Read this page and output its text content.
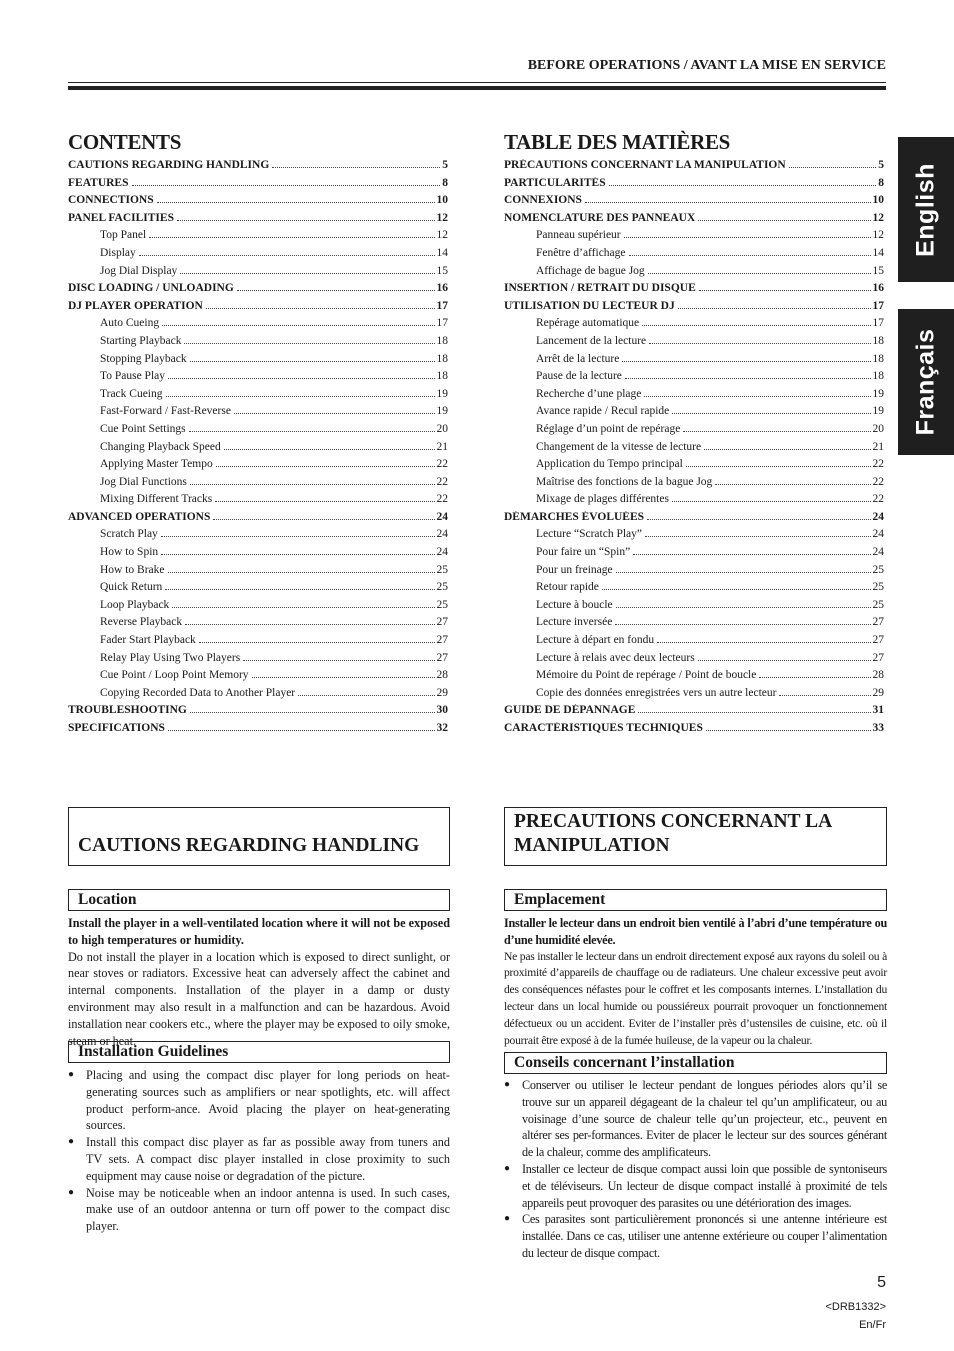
BEFORE OPERATIONS / AVANT LA MISE EN SERVICE
English
Français
CONTENTS
CAUTIONS REGARDING HANDLING	5
FEATURES	8
CONNECTIONS	10
PANEL FACILITIES	12
Top Panel	12
Display	14
Jog Dial Display	15
DISC LOADING / UNLOADING	16
DJ PLAYER OPERATION	17
Auto Cueing	17
Starting Playback	18
Stopping Playback	18
To Pause Play	18
Track Cueing	19
Fast-Forward / Fast-Reverse	19
Cue Point Settings	20
Changing Playback Speed	21
Applying Master Tempo	22
Jog Dial Functions	22
Mixing Different Tracks	22
ADVANCED OPERATIONS	24
Scratch Play	24
How to Spin	24
How to Brake	25
Quick Return	25
Loop Playback	25
Reverse Playback	27
Fader Start Playback	27
Relay Play Using Two Players	27
Cue Point / Loop Point Memory	28
Copying Recorded Data to Another Player	29
TROUBLESHOOTING	30
SPECIFICATIONS	32
TABLE DES MATIÈRES
PRÉCAUTIONS CONCERNANT LA MANIPULATION	5
PARTICULARITÉS	8
CONNEXIONS	10
NOMENCLATURE DES PANNEAUX	12
Panneau supérieur	12
Fenêtre d’affichage	14
Affichage de bague Jog	15
INSERTION / RETRAIT DU DISQUE	16
UTILISATION DU LECTEUR DJ	17
Repérage automatique	17
Lancement de la lecture	18
Arrêt de la lecture	18
Pause de la lecture	18
Recherche d’une plage	19
Avance rapide / Recul rapide	19
Réglage d’un point de repérage	20
Changement de la vitesse de lecture	21
Application du Tempo principal	22
Maîtrise des fonctions de la bague Jog	22
Mixage de plages différentes	22
DÉMARCHES ÉVOLUÉES	24
Lecture “Scratch Play”	24
Pour faire un “Spin”	24
Pour un freinage	25
Retour rapide	25
Lecture à boucle	25
Lecture inversée	27
Lecture à départ en fondu	27
Lecture à relais avec deux lecteurs	27
Mémoire du Point de repérage / Point de boucle	28
Copie des données enregistrées vers un autre lecteur	29
GUIDE DE DÉPANNAGE	31
CARACTÉRISTIQUES TECHNIQUES	33
CAUTIONS REGARDING HANDLING
Location

Install the player in a well-ventilated location where it will not be exposed to high temperatures or humidity.

Do not install the player in a location which is exposed to direct sunlight, or near stoves or radiators. Excessive heat can adversely affect the cabinet and internal components. Installation of the player in a damp or dusty environment may also result in a malfunction and can be hazardous. Avoid installation near cookers etc., where the player may be exposed to oily smoke, steam or heat.

Installation Guidelines
● Placing and using the compact disc player for long periods on heat-generating sources such as amplifiers or near spotlights, etc. will affect product perform-ance. Avoid placing the player on heat-generating sources.
● Install this compact disc player as far as possible away from tuners and TV sets. A compact disc player installed in close proximity to such equipment may cause noise or degradation of the picture.
● Noise may be noticeable when an indoor antenna is used. In such cases, make use of an outdoor antenna or turn off power to the compact disc player.
PRECAUTIONS CONCERNANT LA MANIPULATION
Emplacement

Installer le lecteur dans un endroit bien ventilé à l’abri d’une température ou d’une humidité elevée.

Ne pas installer le lecteur dans un endroit directement exposé aux rayons du soleil ou à proximité d’appareils de chauffage ou de radiateurs. Une chaleur excessive peut avoir des conséquences néfastes pour le coffret et les composants internes. L’installation du lecteur dans un local humide ou poussiéreux pourrait provoquer un fonctionnement défectueux ou un accident. Eviter de l’installer près d’ustensiles de cuisine, etc. où il pourrait être exposé à de la fumée huileuse, de la vapeur ou la chaleur.

Conseils concernant l’installation
● Conserver ou utiliser le lecteur pendant de longues périodes alors qu’il se trouve sur un appareil dégageant de la chaleur tel qu’un amplificateur, ou au voisinage d’une source de chaleur telle qu’un projecteur, etc., peuvent en altérer ses per-formances. Eviter de placer le lecteur sur des sources générant de la chaleur, comme des amplificateurs.
● Installer ce lecteur de disque compact aussi loin que possible de syntoniseurs et de téléviseurs. Un lecteur de disque compact installé à proximité de tels appareils peut provoquer des parasites ou une détérioration des images.
● Ces parasites sont particulièrement prononcés si une antenne intérieure est installée. Dans ce cas, utiliser une antenne extérieure ou couper l’alimentation du lecteur de disque compact.
5
<DRB1332>
En/Fr
